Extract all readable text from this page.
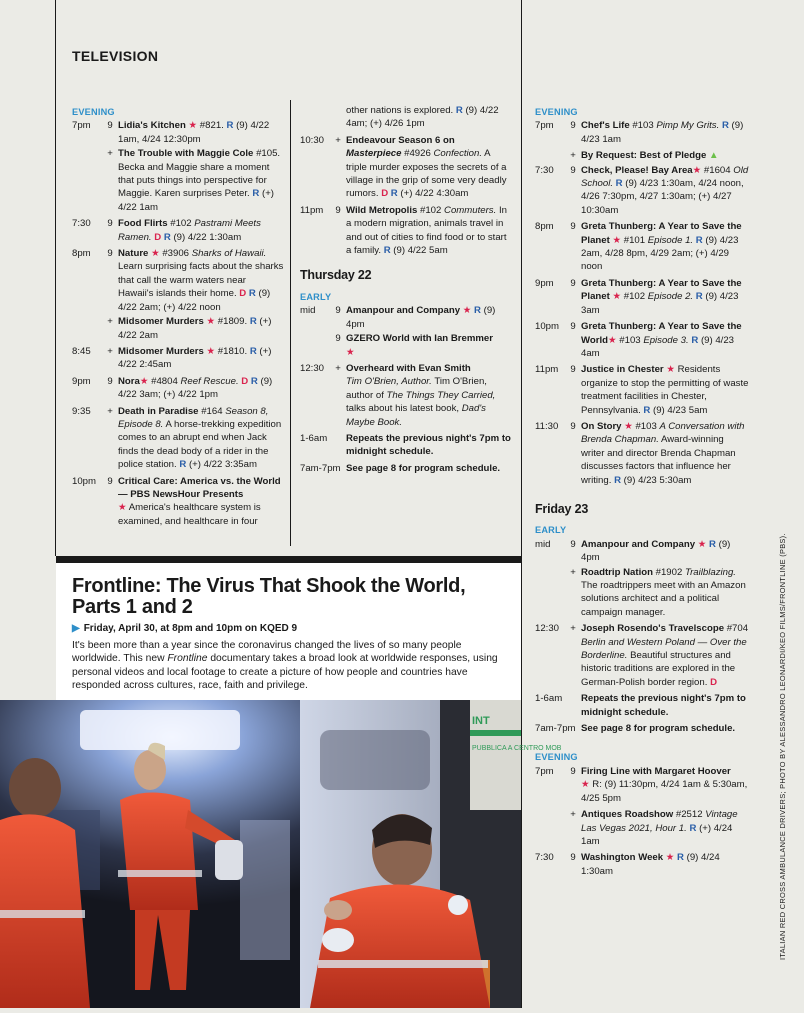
TELEVISION
EVENING
7pm	9 Lidia's Kitchen ★ #821. R (9) 4/22 1am, 4/24 12:30pm
+ The Trouble with Maggie Cole #105. Becka and Maggie share a moment that puts things into perspective for Maggie. Karen surprises Peter. R (+) 4/22 1am
7:30	9 Food Flirts #102 Pastrami Meets Ramen. D R (9) 4/22 1:30am
8pm	9 Nature ★ #3906 Sharks of Hawaii. Learn surprising facts about the sharks that call the warm waters near Hawaii's islands their home. D R (9) 4/22 2am; (+) 4/22 noon
+ Midsomer Murders ★ #1809. R (+) 4/22 2am
8:45	+ Midsomer Murders ★ #1810. R (+) 4/22 2:45am
9pm	9 Nora★ #4804 Reef Rescue. D R (9) 4/22 3am; (+) 4/22 1pm
9:35	+ Death in Paradise #164 Season 8, Episode 8. A horse-trekking expedition comes to an abrupt end when Jack finds the dead body of a rider in the police station. R (+) 4/22 3:35am
10pm	9 Critical Care: America vs. the World — PBS NewsHour Presents
★ America's healthcare system is examined, and healthcare in four
other nations is explored. R (9) 4/22 4am; (+) 4/26 1pm
10:30	+ Endeavour Season 6 on Masterpiece #4926 Confection. A triple murder exposes the secrets of a village in the grip of some very deadly rumors. D R (+) 4/22 4:30am
11pm	9 Wild Metropolis #102 Commuters. In a modern migration, animals travel in and out of cities to find food or to start a family. R (9) 4/22 5am
Thursday 22
EARLY
mid	9 Amanpour and Company ★ R (9) 4pm
9 GZERO World with Ian Bremmer
★
12:30	+ Overheard with Evan Smith
Tim O'Brien, Author. Tim O'Brien, author of The Things They Carried, talks about his latest book, Dad's Maybe Book.
1-6am	Repeats the previous night's 7pm to midnight schedule.
7am-7pm See page 8 for program schedule.
EVENING
7pm	9 Chef's Life #103 Pimp My Grits. R (9) 4/23 1am
+ By Request: Best of Pledge ▲
7:30	9 Check, Please! Bay Area★ #1604 Old School. R (9) 4/23 1:30am, 4/24 noon, 4/26 7:30pm, 4/27 1:30am; (+) 4/27 10:30am
8pm	9 Greta Thunberg: A Year to Save the Planet ★ #101 Episode 1. R (9) 4/23 2am, 4/28 8pm, 4/29 2am; (+) 4/29 noon
9pm	9 Greta Thunberg: A Year to Save the Planet ★ #102 Episode 2. R (9) 4/23 3am
10pm	9 Greta Thunberg: A Year to Save the World★ #103 Episode 3. R (9) 4/23 4am
11pm	9 Justice in Chester ★ Residents organize to stop the permitting of waste treatment facilities in Chester, Pennsylvania. R (9) 4/23 5am
11:30	9 On Story ★ #103 A Conversation with Brenda Chapman. Award-winning writer and director Brenda Chapman discusses factors that influence her writing. R (9) 4/23 5:30am
Friday 23
EARLY
mid	9 Amanpour and Company ★ R (9) 4pm
+ Roadtrip Nation #1902 Trailblazing. The roadtrippers meet with an Amazon solutions architect and a political campaign manager.
12:30	+ Joseph Rosendo's Travelscope #704 Berlin and Western Poland — Over the Borderline. Beautiful structures and historic traditions are explored in the German-Polish border region. D
1-6am	Repeats the previous night's 7pm to midnight schedule.
7am-7pm See page 8 for program schedule.
EVENING
7pm	9 Firing Line with Margaret Hoover
★ R: (9) 11:30pm, 4/24 1am & 5:30am, 4/25 5pm
+ Antiques Roadshow #2512 Vintage Las Vegas 2021, Hour 1. R (+) 4/24 1am
7:30	9 Washington Week ★ R (9) 4/24 1:30am
Frontline: The Virus That Shook the World, Parts 1 and 2
▶ Friday, April 30, at 8pm and 10pm on KQED 9
It's been more than a year since the coronavirus changed the lives of so many people worldwide. This new Frontline documentary takes a broad look at worldwide responses, using personal videos and local footage to create a picture of how people and countries have responded across cultures, race, faith and privilege.
INT
PUBBLICA A CENTRO MOB	ITALIAN RED CROSS AMBULANCE DRIVERS; PHOTO BY ALESSANDRO LEONARDI/KEO FILMS/FRONTLINE (PBS).
